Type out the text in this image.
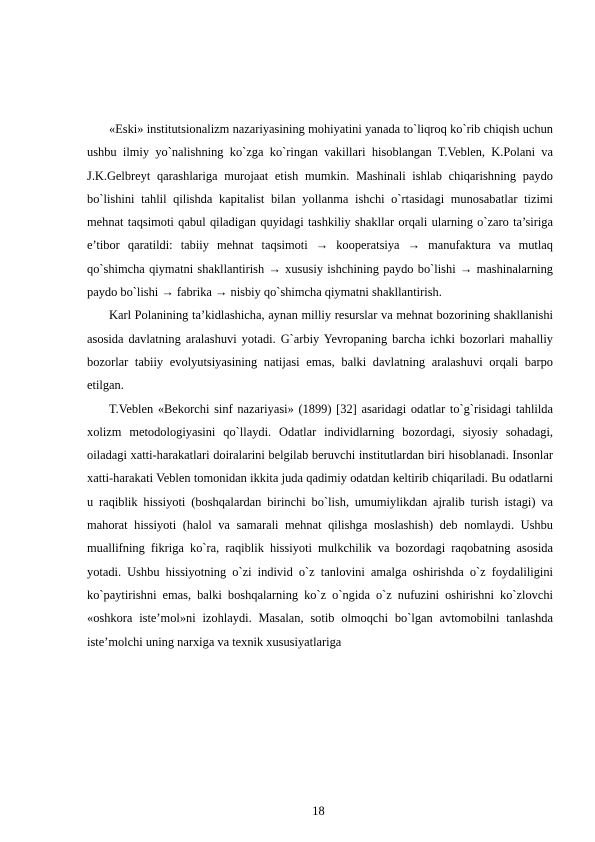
«Eski» institutsionalizm nazariyasining mohiyatini yanada to`liqroq ko`rib chiqish uchun ushbu ilmiy yo`nalishning ko`zga ko`ringan vakillari hisoblangan T.Veblen, K.Polani va J.K.Gelbreyt qarashlariga murojaat etish mumkin. Mashinali ishlab chiqarishning paydo bo`lishini tahlil qilishda kapitalist bilan yollanma ishchi o`rtasidagi munosabatlar tizimi mehnat taqsimoti qabul qiladigan quyidagi tashkiliy shakllar orqali ularning o`zaro ta’siriga e’tibor qaratildi: tabiiy mehnat taqsimoti → kooperatsiya → manufaktura va mutlaq qo`shimcha qiymatni shakllantirish → xususiy ishchining paydo bo`lishi → mashinalarning paydo bo`lishi → fabrika → nisbiy qo`shimcha qiymatni shakllantirish.

Karl Polanining ta’kidlashicha, aynan milliy resurslar va mehnat bozorining shakllanishi asosida davlatning aralashuvi yotadi. G`arbiy Yevropaning barcha ichki bozorlari mahalliy bozorlar tabiiy evolyutsiyasining natijasi emas, balki davlatning aralashuvi orqali barpo etilgan.

T.Veblen «Bekorchi sinf nazariyasi» (1899) [32] asaridagi odatlar to`g`risidagi tahlilda xolizm metodologiyasini qo`llaydi. Odatlar individlarning bozordagi, siyosiy sohadagi, oiladagi xatti-harakatlari doiralarini belgilab beruvchi institutlardan biri hisoblanadi. Insonlar xatti-harakati Veblen tomonidan ikkita juda qadimiy odatdan keltirib chiqariladi. Bu odatlarni u raqiblik hissiyoti (boshqalardan birinchi bo`lish, umumiylikdan ajralib turish istagi) va mahorat hissiyoti (halol va samarali mehnat qilishga moslashish) deb nomlaydi. Ushbu muallifning fikriga ko`ra, raqiblik hissiyoti mulkchilik va bozordagi raqobatning asosida yotadi. Ushbu hissiyotning o`zi individ o`z tanlovini amalga oshirishda o`z foydaliligini ko`paytirishni emas, balki boshqalarning ko`z o`ngida o`z nufuzini oshirishni ko`zlovchi «oshkora iste’mol»ni izohlaydi. Masalan, sotib olmoqchi bo`lgan avtomobilni tanlashda iste’molchi uning narxiga va texnik xususiyatlariga

18
